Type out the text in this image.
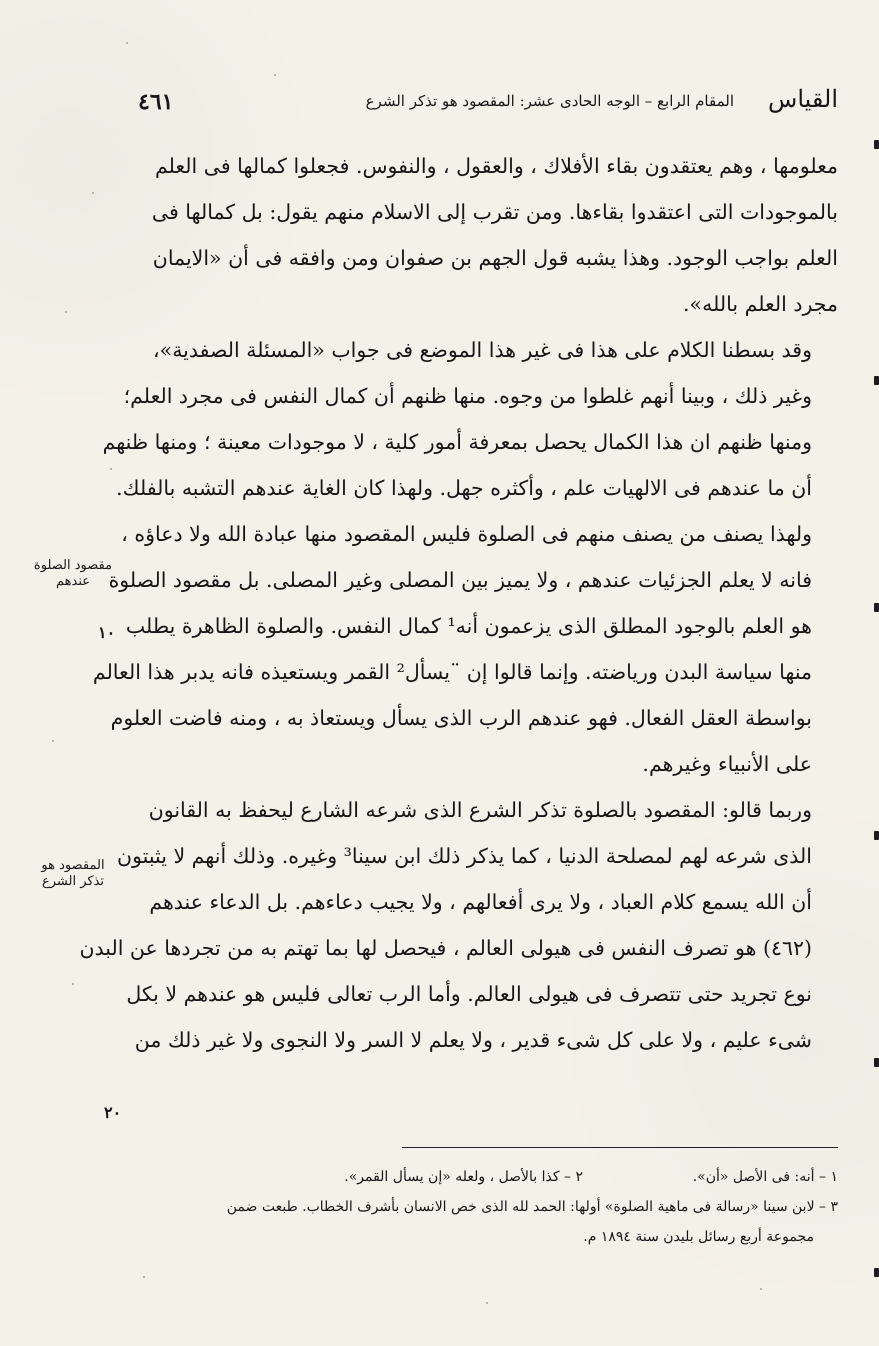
القياس
المقام الرابع – الوجه الحادى عشر: المقصود هو تذكر الشرع
٤٦١

معلومها ، وهم يعتقدون بقاء الأفلاك ، والعقول ، والنفوس. فجعلوا كمالها فى العلم
بالموجودات التى اعتقدوا بقاءها. ومن تقرب إلى الاسلام منهم يقول: بل كمالها فى
العلم بواجب الوجود. وهذا يشبه قول الجهم بن صفوان ومن وافقه فى أن «الايمان
مجرد العلم بالله».

وقد بسطنا الكلام على هذا فى غير هذا الموضع فى جواب «المسئلة الصفدية»،
وغير ذلك ، وبينا أنهم غلطوا من وجوه. منها ظنهم أن كمال النفس فى مجرد العلم؛
ومنها ظنهم ان هذا الكمال يحصل بمعرفة أمور كلية ، لا موجودات معينة ؛ ومنها ظنهم
أن ما عندهم فى الالهيات علم ، وأكثره جهل. ولهذا كان الغاية عندهم التشبه بالفلك.

ولهذا يصنف من يصنف منهم فى الصلوة فليس المقصود منها عبادة الله ولا دعاؤه ،
فانه لا يعلم الجزئيات عندهم ، ولا يميز بين المصلى وغير المصلى. بل مقصود الصلوة
هو العلم بالوجود المطلق الذى يزعمون أنه¹ كمال النفس. والصلوة الظاهرة يطلب
منها سياسة البدن ورياضته. وإنما قالوا إن ¨يسأل² القمر ويستعيذه فانه يدبر هذا العالم
بواسطة العقل الفعال. فهو عندهم الرب الذى يسأل ويستعاذ به ، ومنه فاضت العلوم
على الأنبياء وغيرهم.

وربما قالو: المقصود بالصلوة تذكر الشرع الذى شرعه الشارع ليحفظ به القانون
الذى شرعه لهم لمصلحة الدنيا ، كما يذكر ذلك ابن سينا³ وغيره. وذلك أنهم لا يثبتون
أن الله يسمع كلام العباد ، ولا يرى أفعالهم ، ولا يجيب دعاءهم. بل الدعاء عندهم
(٤٦٢) هو تصرف النفس فى هيولى العالم ، فيحصل لها بما تهتم به من تجردها عن البدن
نوع تجريد حتى تتصرف فى هيولى العالم. وأما الرب تعالى فليس هو عندهم لا بكل
شىء عليم ، ولا على كل شىء قدير ، ولا يعلم لا السر ولا النجوى ولا غير ذلك من

مقصود الصلوة عندهم
١٠
المقصود هو تذكر الشرع
٢٠
١ – أنه: فى الأصل «أن».
٢ – كذا بالأصل ، ولعله «إن يسأل القمر».
٣ – لابن سينا «رسالة فى ماهية الصلوة» أولها: الحمد لله الذى خص الانسان بأشرف الخطاب. طبعت ضمن
مجموعة أربع رسائل بليدن سنة ١٨٩٤ م.
